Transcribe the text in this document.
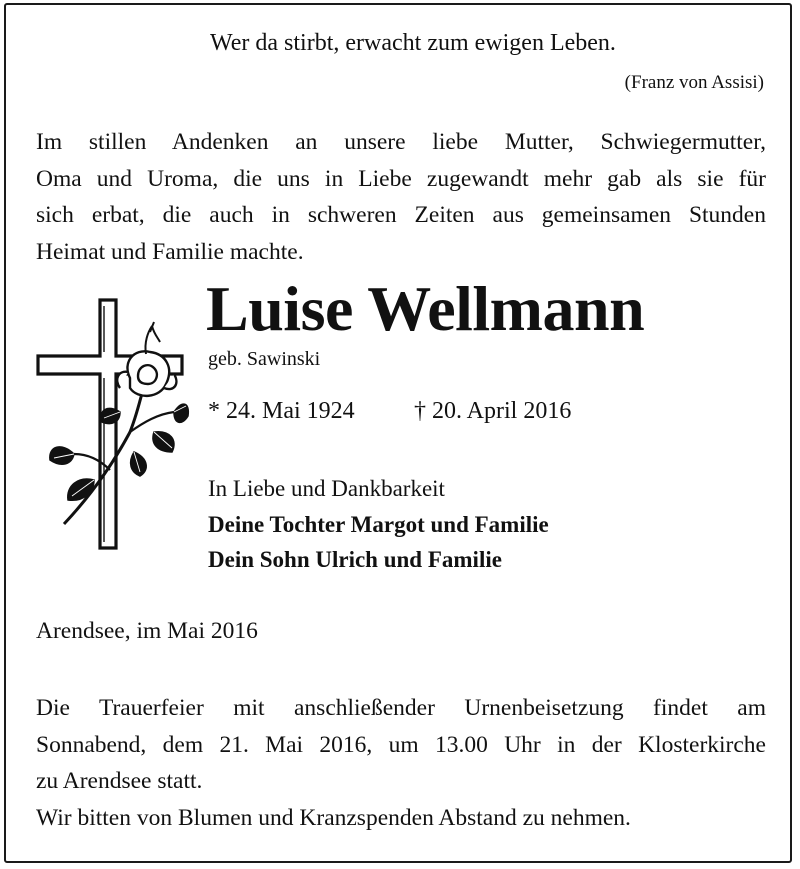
Wer da stirbt, erwacht zum ewigen Leben.

(Franz von Assisi)

Im stillen Andenken an unsere liebe Mutter, Schwiegermutter,
Oma und Uroma, die uns in Liebe zugewandt mehr gab als sie für
sich erbat, die auch in schweren Zeiten aus gemeinsamen Stunden
Heimat und Familie machte.

Luise Wellmann

geb. Sawinski

* 24. Mai 1924 † 20. April 2016

In Liebe und Dankbarkeit

Deine Tochter Margot und Familie

Dein Sohn Ulrich und Familie

Arendsee, im Mai 2016

Die Trauerfeier mit anschließender Urnenbeisetzung findet am
Sonnabend, dem 21. Mai 2016, um 13.00 Uhr in der Klosterkirche
zu Arendsee statt.
Wir bitten von Blumen und Kranzspenden Abstand zu nehmen.
